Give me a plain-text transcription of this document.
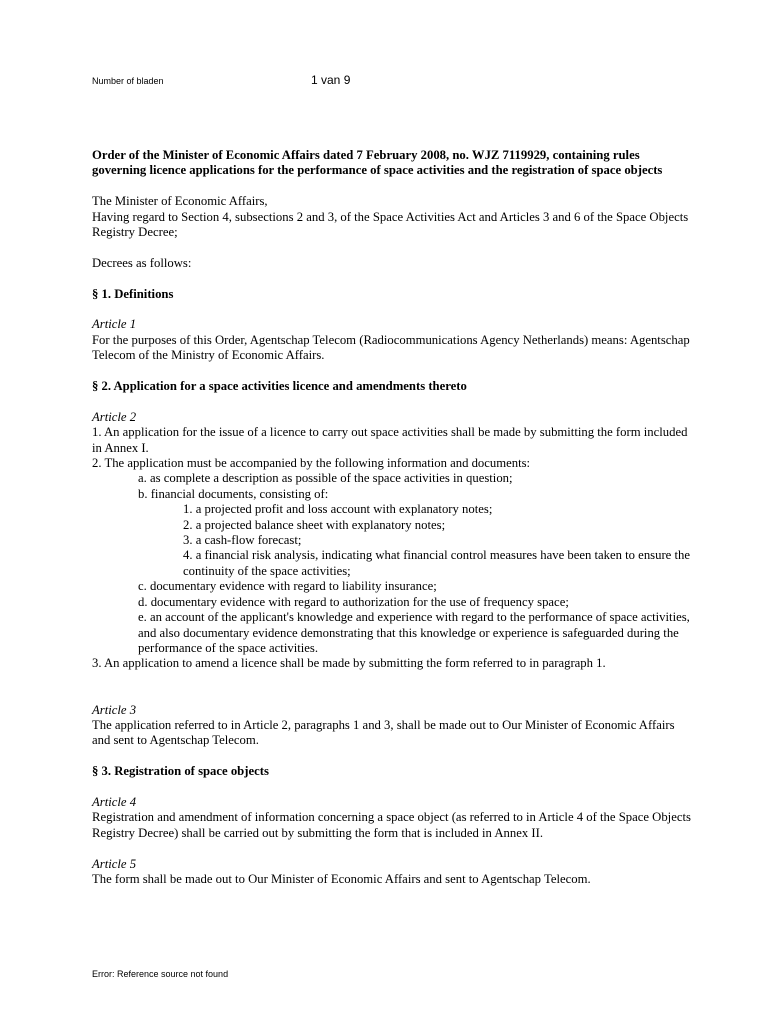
Number of bladen	1 van 9

Order of the Minister of Economic Affairs dated 7 February 2008, no. WJZ 7119929, containing rules governing licence applications for the performance of space activities and the registration of space objects

The Minister of Economic Affairs,

Having regard to Section 4, subsections 2 and 3, of the Space Activities Act and Articles 3 and 6 of the Space Objects Registry Decree;

Decrees as follows:

§ 1. Definitions

Article 1

For the purposes of this Order, Agentschap Telecom (Radiocommunications Agency Netherlands) means: Agentschap Telecom of the Ministry of Economic Affairs.

§ 2. Application for a space activities licence and amendments thereto

Article 2

1. An application for the issue of a licence to carry out space activities shall be made by submitting the form included in Annex I.

2. The application must be accompanied by the following information and documents:

a. as complete a description as possible of the space activities in question;

b. financial documents, consisting of:

1. a projected profit and loss account with explanatory notes;

2. a projected balance sheet with explanatory notes;

3. a cash-flow forecast;

4. a financial risk analysis, indicating what financial control measures have been taken to ensure the continuity of the space activities;

c. documentary evidence with regard to liability insurance;

d. documentary evidence with regard to authorization for the use of frequency space;

e. an account of the applicant's knowledge and experience with regard to the performance of space activities, and also documentary evidence demonstrating that this knowledge or experience is safeguarded during the performance of the space activities.

3. An application to amend a licence shall be made by submitting the form referred to in paragraph 1.

Article 3

The application referred to in Article 2, paragraphs 1 and 3, shall be made out to Our Minister of Economic Affairs and sent to Agentschap Telecom.

§ 3. Registration of space objects

Article 4

Registration and amendment of information concerning a space object (as referred to in Article 4 of the Space Objects Registry Decree) shall be carried out by submitting the form that is included in Annex II.

Article 5

The form shall be made out to Our Minister of Economic Affairs and sent to Agentschap Telecom.

Error: Reference source not found
